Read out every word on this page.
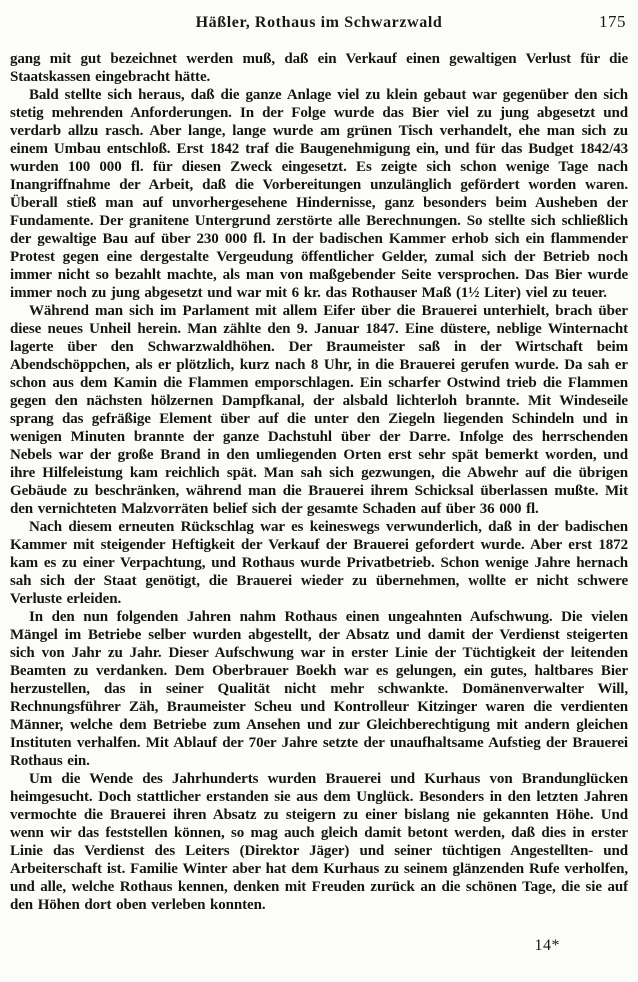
Häßler, Rothaus im Schwarzwald	175

gang mit gut bezeichnet werden muß, daß ein Verkauf einen gewaltigen Verlust für die Staatskassen eingebracht hätte.

Bald stellte sich heraus, daß die ganze Anlage viel zu klein gebaut war gegenüber den sich stetig mehrenden Anforderungen. In der Folge wurde das Bier viel zu jung abgesetzt und verdarb allzu rasch. Aber lange, lange wurde am grünen Tisch verhandelt, ehe man sich zu einem Umbau entschloß. Erst 1842 traf die Baugenehmigung ein, und für das Budget 1842/43 wurden 100 000 fl. für diesen Zweck eingesetzt. Es zeigte sich schon wenige Tage nach Inangriffnahme der Arbeit, daß die Vorbereitungen unzulänglich gefördert worden waren. Überall stieß man auf unvorhergesehene Hindernisse, ganz besonders beim Ausheben der Fundamente. Der granitene Untergrund zerstörte alle Berechnungen. So stellte sich schließlich der gewaltige Bau auf über 230 000 fl. In der badischen Kammer erhob sich ein flammender Protest gegen eine dergestalte Vergeudung öffentlicher Gelder, zumal sich der Betrieb noch immer nicht so bezahlt machte, als man von maßgebender Seite versprochen. Das Bier wurde immer noch zu jung abgesetzt und war mit 6 kr. das Rothauser Maß (1½ Liter) viel zu teuer.

Während man sich im Parlament mit allem Eifer über die Brauerei unterhielt, brach über diese neues Unheil herein. Man zählte den 9. Januar 1847. Eine düstere, neblige Winternacht lagerte über den Schwarzwaldhöhen. Der Braumeister saß in der Wirtschaft beim Abendschöppchen, als er plötzlich, kurz nach 8 Uhr, in die Brauerei gerufen wurde. Da sah er schon aus dem Kamin die Flammen emporschlagen. Ein scharfer Ostwind trieb die Flammen gegen den nächsten hölzernen Dampfkanal, der alsbald lichterloh brannte. Mit Windeseile sprang das gefräßige Element über auf die unter den Ziegeln liegenden Schindeln und in wenigen Minuten brannte der ganze Dachstuhl über der Darre. Infolge des herrschenden Nebels war der große Brand in den umliegenden Orten erst sehr spät bemerkt worden, und ihre Hilfeleistung kam reichlich spät. Man sah sich gezwungen, die Abwehr auf die übrigen Gebäude zu beschränken, während man die Brauerei ihrem Schicksal überlassen mußte. Mit den vernichteten Malzvorräten belief sich der gesamte Schaden auf über 36 000 fl.

Nach diesem erneuten Rückschlag war es keineswegs verwunderlich, daß in der badischen Kammer mit steigender Heftigkeit der Verkauf der Brauerei gefordert wurde. Aber erst 1872 kam es zu einer Verpachtung, und Rothaus wurde Privatbetrieb. Schon wenige Jahre hernach sah sich der Staat genötigt, die Brauerei wieder zu übernehmen, wollte er nicht schwere Verluste erleiden.

In den nun folgenden Jahren nahm Rothaus einen ungeahnten Aufschwung. Die vielen Mängel im Betriebe selber wurden abgestellt, der Absatz und damit der Verdienst steigerten sich von Jahr zu Jahr. Dieser Aufschwung war in erster Linie der Tüchtigkeit der leitenden Beamten zu verdanken. Dem Oberbrauer Boekh war es gelungen, ein gutes, haltbares Bier herzustellen, das in seiner Qualität nicht mehr schwankte. Domänenverwalter Will, Rechnungsführer Zäh, Braumeister Scheu und Kontrolleur Kitzinger waren die verdienten Männer, welche dem Betriebe zum Ansehen und zur Gleichberechtigung mit andern gleichen Instituten verhalfen. Mit Ablauf der 70er Jahre setzte der unaufhaltsame Aufstieg der Brauerei Rothaus ein.

Um die Wende des Jahrhunderts wurden Brauerei und Kurhaus von Brandunglücken heimgesucht. Doch stattlicher erstanden sie aus dem Unglück. Besonders in den letzten Jahren vermochte die Brauerei ihren Absatz zu steigern zu einer bislang nie gekannten Höhe. Und wenn wir das feststellen können, so mag auch gleich damit betont werden, daß dies in erster Linie das Verdienst des Leiters (Direktor Jäger) und seiner tüchtigen Angestellten- und Arbeiterschaft ist. Familie Winter aber hat dem Kurhaus zu seinem glänzenden Rufe verholfen, und alle, welche Rothaus kennen, denken mit Freuden zurück an die schönen Tage, die sie auf den Höhen dort oben verleben konnten.

14*
